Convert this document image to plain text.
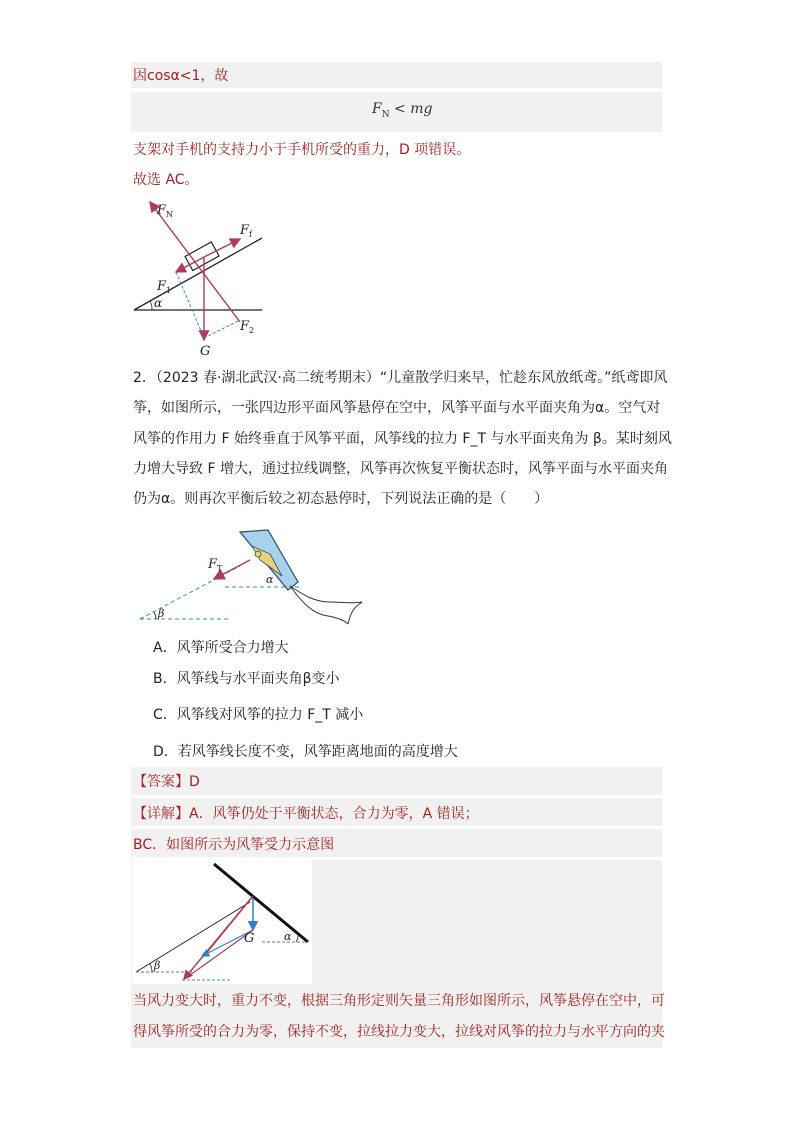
因cosα<1，故
$F_N$ < mg
支架对手机的支持力小于手机所受的重力，D 项错误。
故选 AC。
$F_N$
$F_f$
$F_1$
$F_2$
G
α
2．（2023 春·湖北武汉·高二统考期末）“儿童散学归来早，忙趁东风放纸鸢。”纸鸢即风
筝，如图所示，一张四边形平面风筝悬停在空中，风筝平面与水平面夹角为α。空气对
风筝的作用力 F 始终垂直于风筝平面，风筝线的拉力 F_T 与水平面夹角为 β。某时刻风
力增大导致 F 增大，通过拉线调整，风筝再次恢复平衡状态时，风筝平面与水平面夹角
仍为α。则再次平衡后较之初态悬停时，下列说法正确的是（　　）
$F_T$
α
β
A．风筝所受合力增大
B．风筝线与水平面夹角β变小
C．风筝线对风筝的拉力 F_T 减小
D．若风筝线长度不变，风筝距离地面的高度增大
【答案】D
【详解】A．风筝仍处于平衡状态，合力为零，A 错误；
BC．如图所示为风筝受力示意图
G	α
β
当风力变大时，重力不变，根据三角形定则矢量三角形如图所示，风筝悬停在空中，可
得风筝所受的合力为零，保持不变，拉线拉力变大，拉线对风筝的拉力与水平方向的夹
